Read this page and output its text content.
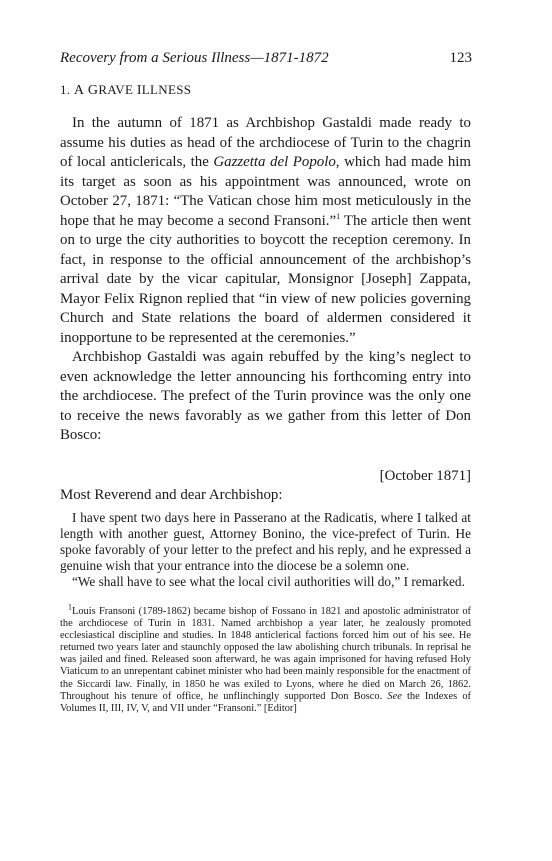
Recovery from a Serious Illness—1871-1872	123
1. A GRAVE ILLNESS

In the autumn of 1871 as Archbishop Gastaldi made ready to assume his duties as head of the archdiocese of Turin to the chagrin of local anticlericals, the Gazzetta del Popolo, which had made him its target as soon as his appointment was announced, wrote on October 27, 1871: “The Vatican chose him most meticulously in the hope that he may become a second Fransoni.”$^1$ The article then went on to urge the city authorities to boycott the reception ceremony. In fact, in response to the official announcement of the archbishop’s arrival date by the vicar capitular, Monsignor [Joseph] Zappata, Mayor Felix Rignon replied that “in view of new policies governing Church and State relations the board of aldermen considered it inopportune to be represented at the ceremonies.”

Archbishop Gastaldi was again rebuffed by the king’s neglect to even acknowledge the letter announcing his forthcoming entry into the archdiocese. The prefect of the Turin province was the only one to receive the news favorably as we gather from this letter of Don Bosco:

[October 1871]
Most Reverend and dear Archbishop:

I have spent two days here in Passerano at the Radicatis, where I talked at length with another guest, Attorney Bonino, the vice-prefect of Turin. He spoke favorably of your letter to the prefect and his reply, and he expressed a genuine wish that your entrance into the diocese be a solemn one.

“We shall have to see what the local civil authorities will do,” I remarked.

$^1$Louis Fransoni (1789-1862) became bishop of Fossano in 1821 and apostolic administrator of the archdiocese of Turin in 1831. Named archbishop a year later, he zealously promoted ecclesiastical discipline and studies. In 1848 anticlerical factions forced him out of his see. He returned two years later and staunchly opposed the law abolishing church tribunals. In reprisal he was jailed and fined. Released soon afterward, he was again imprisoned for having refused Holy Viaticum to an unrepentant cabinet minister who had been mainly responsible for the enactment of the Siccardi law. Finally, in 1850 he was exiled to Lyons, where he died on March 26, 1862. Throughout his tenure of office, he unflinchingly supported Don Bosco. See the Indexes of Volumes II, III, IV, V, and VII under “Fransoni.” [Editor]
